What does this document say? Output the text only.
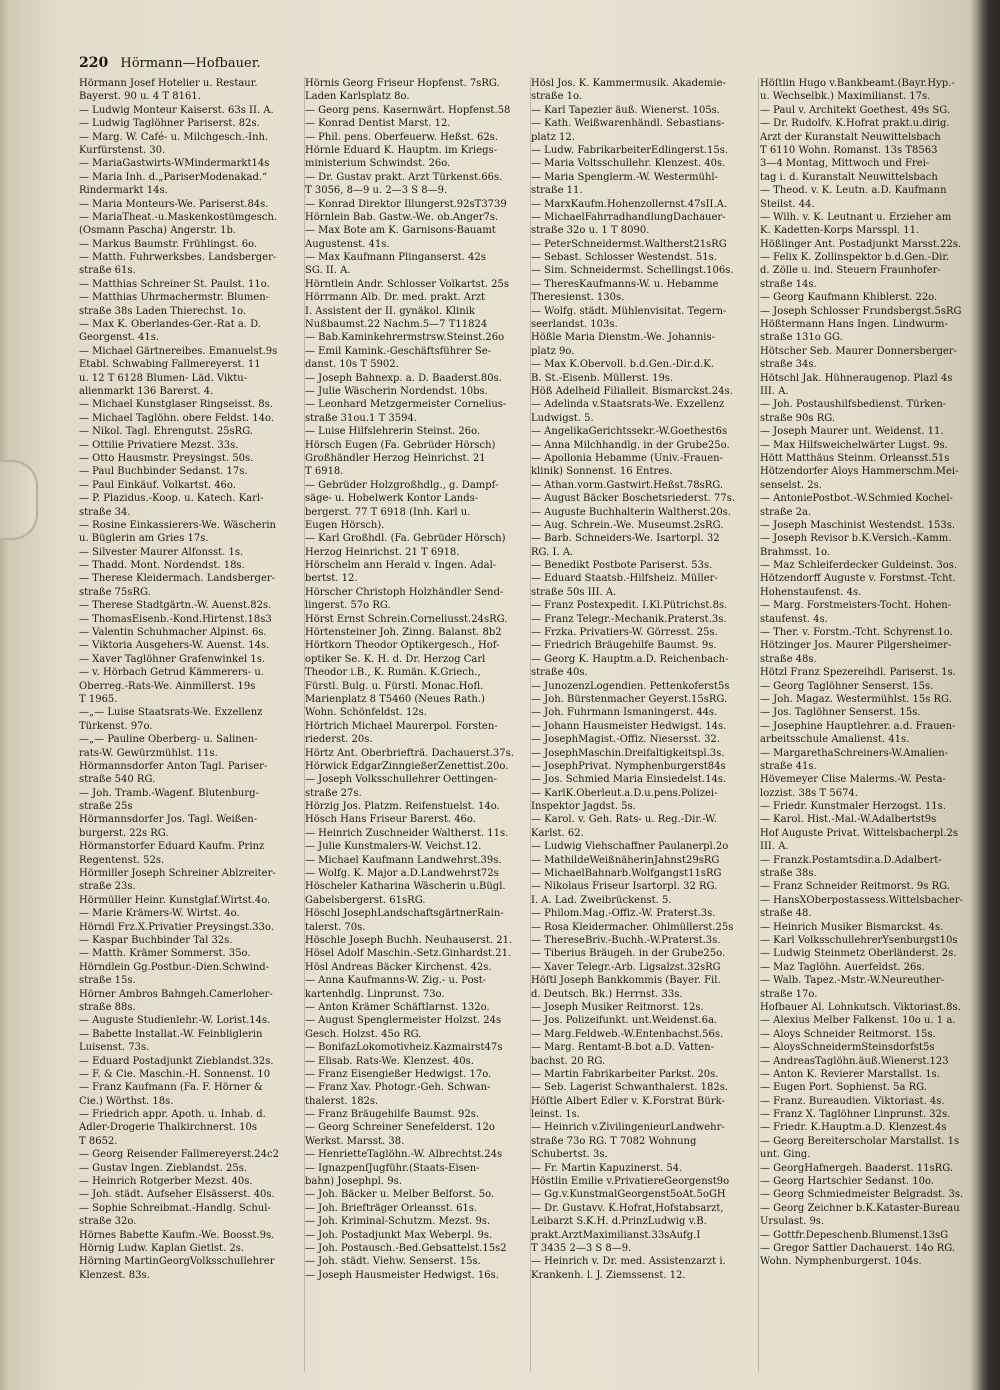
220 Hörmann—Hofbauer.
Hörmann Josef Hotelier u. Restaur.
Bayerst. 90 u. 4 T 8161.
— Ludwig Monteur Kaiserst. 63s II. A.
— Ludwig Taglöhner Pariserst. 82s.
— Marg. W. Café- u. Milchgesch.-Inh.
Kurfürstenst. 30.
— MariaGastwirts-WMindermarkt14s
— Maria Inh. d.„PariserModenakad.“
Rindermarkt 14s.
— Maria Monteurs-We. Pariserst.84s.
— MariaTheat.-u.Maskenkostümgesch.
(Osmann Pascha) Angerstr. 1b.
— Markus Baumstr. Frühlingst. 6o.
— Matth. Fuhrwerksbes. Landsberger-
straße 61s.
— Matthias Schreiner St. Paulst. 11o.
— Matthias Uhrmachermstr. Blumen-
straße 38s Laden Thierechst. 1o.
— Max K. Oberlandes-Ger.-Rat a. D.
Georgenst. 41s.
— Michael Gärtnereibes. Emanuelst.9s
Etabl. Schwabing Fallmereyerst. 11
u. 12 T 6128 Blumen- Läd. Viktu-
alienmarkt 136 Barerst. 4.
— Michael Kunstglaser Ringseisst. 8s.
— Michael Taglöhn. obere Feldst. 14o.
— Nikol. Tagl. Ehrengutst. 25sRG.
— Ottilie Privatiere Mezst. 33s.
— Otto Hausmstr. Preysingst. 50s.
— Paul Buchbinder Sedanst. 17s.
— Paul Einkäuf. Volkartst. 46o.
— P. Plazidus.-Koop. u. Katech. Karl-
straße 34.
— Rosine Einkassierers-We. Wäscherin
u. Büglerin am Gries 17s.
— Silvester Maurer Alfonsst. 1s.
— Thadd. Mont. Nordendst. 18s.
— Therese Kleidermach. Landsberger-
straße 75sRG.
— Therese Stadtgärtn.-W. Auenst.82s.
— ThomasEisenb.-Kond.Hirtenst.18s3
— Valentin Schuhmacher Alpinst. 6s.
— Viktoria Ausgehers-W. Auenst. 14s.
— Xaver Taglöhner Grafenwinkel 1s.
— v. Hörbach Getrud Kämmerers- u.
Oberreg.-Rats-We. Ainmillerst. 19s
T 1965.
—„— Luise Staatsrats-We. Exzellenz
Türkenst. 97o.
—„— Pauline Oberberg- u. Salinen-
rats-W. Gewürzmühlst. 11s.
Hörmannsdorfer Anton Tagl. Pariser-
straße 540 RG.
— Joh. Tramb.-Wagenf. Blutenburg-
straße 25s
Hörmannsdorfer Jos. Tagl. Weißen-
burgerst. 22s RG.
Hörmanstorfer Eduard Kaufm. Prinz
Regentenst. 52s.
Hörmiller Joseph Schreiner Ablzreiter-
straße 23s.
Hörmüller Heinr. Kunstglaf.Wirtst.4o.
— Marie Krämers-W. Wirtst. 4o.
Hörndl Frz.X.Privatier Preysingst.33o.
— Kaspar Buchbinder Tal 32s.
— Matth. Krämer Sommerst. 35o.
Hörndlein Gg.Postbur.-Dien.Schwind-
straße 15s.
Hörner Ambros Bahngeh.Camerloher-
straße 88s.
— Auguste Studienlehr.-W. Lorist.14s.
— Babette Installat.-W. Feinbliglerin
Luisenst. 73s.
— Eduard Postadjunkt Zieblandst.32s.
— F. & Cie. Maschin.-H. Sonnenst. 10
— Franz Kaufmann (Fa. F. Hörner &
Cie.) Wörthst. 18s.
— Friedrich appr. Apoth. u. Inhab. d.
Adler-Drogerie Thalkirchnerst. 10s
T 8652.
— Georg Reisender Fallmereyerst.24c2
— Gustav Ingen. Zieblandst. 25s.
— Heinrich Rotgerber Mezst. 40s.
— Joh. städt. Aufseher Elsässerst. 40s.
— Sophie Schreibmat.-Handlg. Schul-
straße 32o.
Hörnes Babette Kaufm.-We. Boosst.9s.
Hörnig Ludw. Kaplan Gietlst. 2s.
Hörning MartinGeorgVolksschullehrer
Klenzest. 83s.
Hörnis Georg Friseur Hopfenst. 7sRG.
Laden Karlsplatz 8o.
— Georg pens. Kasernwärt. Hopfenst.58
— Konrad Dentist Marst. 12.
— Phil. pens. Oberfeuerw. Heßst. 62s.
Hörnle Eduard K. Hauptm. im Kriegs-
ministerium Schwindst. 26o.
— Dr. Gustav prakt. Arzt Türkenst.66s.
T 3056, 8—9 u. 2—3 S 8—9.
— Konrad Direktor Illungerst.92sT3739
Hörnlein Bab. Gastw.-We. ob.Anger7s.
— Max Bote am K. Garnisons-Bauamt
Augustenst. 41s.
— Max Kaufmann Plinganserst. 42s
SG. II. A.
Hörntlein Andr. Schlosser Volkartst. 25s
Hörrmann Alb. Dr. med. prakt. Arzt
I. Assistent der II. gynäkol. Klinik
Nußbaumst.22 Nachm.5—7 T11824
— Bab.Kaminkehrermstrsw.Steinst.26o
— Emil Kamink.-Geschäftsführer Se-
danst. 10s T 5902.
— Joseph Bahnexp. a. D. Baaderst.80s.
— Julie Wäscherin Nordendst. 10bs.
— Leonhard Metzgermeister Cornelius-
straße 31ou.1 T 3594.
— Luise Hilfslehrerin Steinst. 26o.
Hörsch Eugen (Fa. Gebrüder Hörsch)
Großhändler Herzog Heinrichst. 21
T 6918.
— Gebrüder Holzgroßhdlg., g. Dampf-
säge- u. Hobelwerk Kontor Lands-
bergerst. 77 T 6918 (Inh. Karl u.
Eugen Hörsch).
— Karl Großhdl. (Fa. Gebrüder Hörsch)
Herzog Heinrichst. 21 T 6918.
Hörschelm ann Herald v. Ingen. Adal-
bertst. 12.
Hörscher Christoph Holzhändler Send-
lingerst. 57o RG.
Hörst Ernst Schrein.Corneliusst.24sRG.
Hörtensteiner Joh. Zinng. Balanst. 8b2
Hörtkorn Theodor Optikergesch., Hof-
optiker Se. K. H. d. Dr. Herzog Carl
Theodor i.B., K. Rumän. K.Griech.,
Fürstl. Bulg. u. Fürstl. Monac.Hofl.
Marienplatz 8 T5460 (Neues Rath.)
Wohn. Schönfeldst. 12s.
Hörtrich Michael Maurerpol. Forsten-
riederst. 20s.
Hörtz Ant. Oberbriefträ. Dachauerst.37s.
Hörwick EdgarZinngießerZenettist.20o.
— Joseph Volksschullehrer Oettingen-
straße 27s.
Hörzig Jos. Platzm. Reifenstuelst. 14o.
Hösch Hans Friseur Barerst. 46o.
— Heinrich Zuschneider Waltherst. 11s.
— Julie Kunstmalers-W. Veichst.12.
— Michael Kaufmann Landwehrst.39s.
— Wolfg. K. Major a.D.Landwehrst72s
Höscheler Katharina Wäscherin u.Bügl.
Gabelsbergerst. 61sRG.
Höschl JosephLandschaftsgärtnerRain-
talerst. 70s.
Höschle Joseph Buchh. Neuhauserst. 21.
Hösel Adolf Maschin.-Setz.Ginhardst.21.
Hösl Andreas Bäcker Kirchenst. 42s.
— Anna Kaufmanns-W. Zig.- u. Post-
kartenhdlg. Linprunst. 73o.
— Anton Krämer Schäftlarnst. 132o.
— August Spenglermeister Holzst. 24s
Gesch. Holzst. 45o RG.
— BonifazLokomotivheiz.Kazmairst47s
— Elisab. Rats-We. Klenzest. 40s.
— Franz Eisengießer Hedwigst. 17o.
— Franz Xav. Photogr.-Geh. Schwan-
thalerst. 182s.
— Franz Bräugehilfe Baumst. 92s.
— Georg Schreiner Senefelderst. 12o
Werkst. Marsst. 38.
— HenrietteTaglöhn.-W. Albrechtst.24s
— IgnazpenſJugführ.(Staats-Eisen-
bahn) Josephpl. 9s.
— Joh. Bäcker u. Melber Belforst. 5o.
— Joh. Briefträger Orleansst. 61s.
— Joh. Kriminal-Schutzm. Mezst. 9s.
— Joh. Postadjunkt Max Weberpl. 9s.
— Joh. Postausch.-Bed.Gebsattelst.15s2
— Joh. städt. Viehw. Senserst. 15s.
— Joseph Hausmeister Hedwigst. 16s.
Hösl Jos. K. Kammermusik. Akademie-
straße 1o.
— Karl Tapezier äuß. Wienerst. 105s.
— Kath. Weißwarenhändl. Sebastians-
platz 12.
— Ludw. FabrikarbeiterEdlingerst.15s.
— Maria Voltsschullehr. Klenzest. 40s.
— Maria Spenglerm.-W. Westermühl-
straße 11.
— MarxKaufm.Hohenzollernst.47sII.A.
— MichaelFahrradhandlungDachauer-
straße 32o u. 1 T 8090.
— PeterSchneidermst.Waltherst21sRG
— Sebast. Schlosser Westendst. 51s.
— Sim. Schneidermst. Schellingst.106s.
— TheresKaufmanns-W. u. Hebamme
Theresienst. 130s.
— Wolfg. städt. Mühlenvisitat. Tegern-
seerlandst. 103s.
Hößle Maria Dienstm.-We. Johannis-
platz 9o.
— Max K.Obervoll. b.d.Gen.-Dir.d.K.
B. St.-Eisenb. Müllerst. 19s.
Höß Adelheid Filialleit. Bismarckst.24s.
— Adelinda v.Staatsrats-We. Exzellenz
Ludwigst. 5.
— AngelikaGerichtssekr.-W.Goethest6s
— Anna Milchhandlg. in der Grube25o.
— Apollonia Hebamme (Univ.-Frauen-
klinik) Sonnenst. 16 Entres.
— Athan.vorm.Gastwirt.Heßst.78sRG.
— August Bäcker Boschetsriederst. 77s.
— Auguste Buchhalterin Waltherst.20s.
— Aug. Schrein.-We. Museumst.2sRG.
— Barb. Schneiders-We. Isartorpl. 32
RG. I. A.
— Benedikt Postbote Pariserst. 53s.
— Eduard Staatsb.-Hilfsheiz. Müller-
straße 50s III. A.
— Franz Postexpedit. I.Kl.Pütrichst.8s.
— Franz Telegr.-Mechanik.Praterst.3s.
— Frzka. Privatiers-W. Görresst. 25s.
— Friedrich Bräugehilfe Baumst. 9s.
— Georg K. Hauptm.a.D. Reichenbach-
straße 40s.
— JunozenzLogendien. Pettenkoferst5s
— Joh. Bürstenmacher Geyerst.15sRG.
— Joh. Fuhrmann Ismaningerst. 44s.
— Johann Hausmeister Hedwigst. 14s.
— JosephMagist.-Offiz. Niesersst. 32.
— JosephMaschin.Dreifaltigkeitspl.3s.
— JosephPrivat. Nymphenburgerst84s
— Jos. Schmied Maria Einsiedelst.14s.
— KarlK.Oberleut.a.D.u.pens.Polizei-
Inspektor Jagdst. 5s.
— Karol. v. Geh. Rats- u. Reg.-Dir.-W.
Karlst. 62.
— Ludwig Viehschaffner Paulanerpl.2o
— MathildeWeißnäherinJahnst29sRG
— MichaelBahnarb.Wolfgangst11sRG
— Nikolaus Friseur Isartorpl. 32 RG.
I. A. Lad. Zweibrückenst. 5.
— Philom.Mag.-Offiz.-W. Praterst.3s.
— Rosa Kleidermacher. Ohlmüllerst.25s
— ThereseBriv.-Buchh.-W.Praterst.3s.
— Tiberius Bräugeh. in der Grube25o.
— Xaver Telegr.-Arb. Ligsalzst.32sRG
Höſtl Joseph Bankkommis (Bayer. Fil.
d. Deutsch. Bk.) Herrnst. 33s.
— Joseph Musiker Reitmorst. 12s.
— Jos. Polizeifunkt. unt.Weidenst.6a.
— Marg.Feldweb.-W.Entenbachst.56s.
— Marg. Rentamt-B.bot a.D. Vatten-
bachst. 20 RG.
— Martin Fabrikarbeiter Parkst. 20s.
— Seb. Lagerist Schwanthalerst. 182s.
Höſtle Albert Edler v. K.Forstrat Bürk-
leinst. 1s.
— Heinrich v.ZivilingenieurLandwehr-
straße 73o RG. T 7082 Wohnung
Schubertst. 3s.
— Fr. Martin Kapuzinerst. 54.
Höstlin Emilie v.PrivatiereGeorgenst9o
— Gg.v.KunstmalGeorgenst5oAt.5oGH
— Dr. Gustavv. K.Hofrat,Hofstabsarzt,
Leibarzt S.K.H. d.PrinzLudwig v.B.
prakt.ArztMaximilianst.33sAufg.I
T 3435 2—3 S 8—9.
— Heinrich v. Dr. med. Assistenzarzt i.
Krankenh. l. J. Ziemssenst. 12.
Höſtlin Hugo v.Bankbeamt.(Bayr.Hyp.-
u. Wechselbk.) Maximilianst. 17s.
— Paul v. Architekt Goethest. 49s SG.
— Dr. Rudolfv. K.Hofrat prakt.u.dirig.
Arzt der Kuranstalt Neuwittelsbach
T 6110 Wohn. Romanst. 13s T8563
3—4 Montag, Mittwoch und Frei-
tag i. d. Kuranstalt Neuwittelsbach
— Theod. v. K. Leutn. a.D. Kaufmann
Steilst. 44.
— Wilh. v. K. Leutnant u. Erzieher am
K. Kadetten-Korps Marsspl. 11.
Hößlinger Ant. Postadjunkt Marsst.22s.
— Felix K. Zollinspektor b.d.Gen.-Dir.
d. Zölle u. ind. Steuern Fraunhofer-
straße 14s.
— Georg Kaufmann Khiblerst. 22o.
— Joseph Schlosser Frundsbergst.5sRG
Hößtermann Hans Ingen. Lindwurm-
straße 131o GG.
Hötscher Seb. Maurer Donnersberger-
straße 34s.
Hötschl Jak. Hühneraugenop. Plazl 4s
III. A.
— Joh. Postaushilfsbedienst. Türken-
straße 90s RG.
— Joseph Maurer unt. Weidenst. 11.
— Max Hilfsweichelwärter Lugst. 9s.
Hött Matthäus Steinm. Orleansst.51s
Hötzendorfer Aloys Hammerschm.Mei-
senselst. 2s.
— AntoniePostbot.-W.Schmied Kochel-
straße 2a.
— Joseph Maschinist Westendst. 153s.
— Joseph Revisor b.K.Versich.-Kamm.
Brahmsst. 1o.
— Maz Schleiferdecker Guldeinst. 3os.
Hötzendorff Auguste v. Forstmst.-Tcht.
Hohenstaufenst. 4s.
— Marg. Forstmeisters-Tocht. Hohen-
staufenst. 4s.
— Ther. v. Forstm.-Tcht. Schyrenst.1o.
Hötzinger Jos. Maurer Pilgersheimer-
straße 48s.
Hötzl Franz Spezereihdl. Pariserst. 1s.
— Georg Taglöhner Senserst. 15s.
— Joh. Magaz. Westermühlst. 15s RG.
— Jos. Taglöhner Senserst. 15s.
— Josephine Hauptlehrer. a.d. Frauen-
arbeitsschule Amalienst. 41s.
— MargarethaSchreiners-W.Amalien-
straße 41s.
Hövemeyer Clise Malerms.-W. Pesta-
lozzist. 38s T 5674.
— Friedr. Kunstmaler Herzogst. 11s.
— Karol. Hist.-Mal.-W.Adalbertst9s
Hof Auguste Privat. Wittelsbacherpl.2s
III. A.
— Franzk.Postamtsdir.a.D.Adalbert-
straße 38s.
— Franz Schneider Reitmorst. 9s RG.
— HansXOberpostassess.Wittelsbacher-
straße 48.
— Heinrich Musiker Bismarckst. 4s.
— Karl VolksschullehrerYsenburgst10s
— Ludwig Steinmetz Oberländerst. 2s.
— Maz Taglöhn. Auerfeldst. 26s.
— Walb. Tapez.-Mstr.-W.Neureuther-
straße 17o.
Hofbauer Al. Lohnkutsch. Viktoriast.8s.
— Alexius Melber Falkenst. 10o u. 1 a.
— Aloys Schneider Reitmorst. 15s.
— AloysSchneidermSteinsdorfst5s
— AndreasTaglöhn.äuß.Wienerst.123
— Anton K. Revierer Marstallst. 1s.
— Eugen Port. Sophienst. 5a RG.
— Franz. Bureaudien. Viktoriast. 4s.
— Franz X. Taglöhner Linprunst. 32s.
— Friedr. K.Hauptm.a.D. Klenzest.4s
— Georg Bereiterscholar Marstallst. 1s
unt. Ging.
— GeorgHafnergeh. Baaderst. 11sRG.
— Georg Hartschier Sedanst. 10o.
— Georg Schmiedmeister Belgradst. 3s.
— Georg Zeichner b.K.Kataster-Bureau
Ursulast. 9s.
— Gottfr.Depeschenb.Blumenst.13sG
— Gregor Sattler Dachauerst. 14o RG.
Wohn. Nymphenburgerst. 104s.
